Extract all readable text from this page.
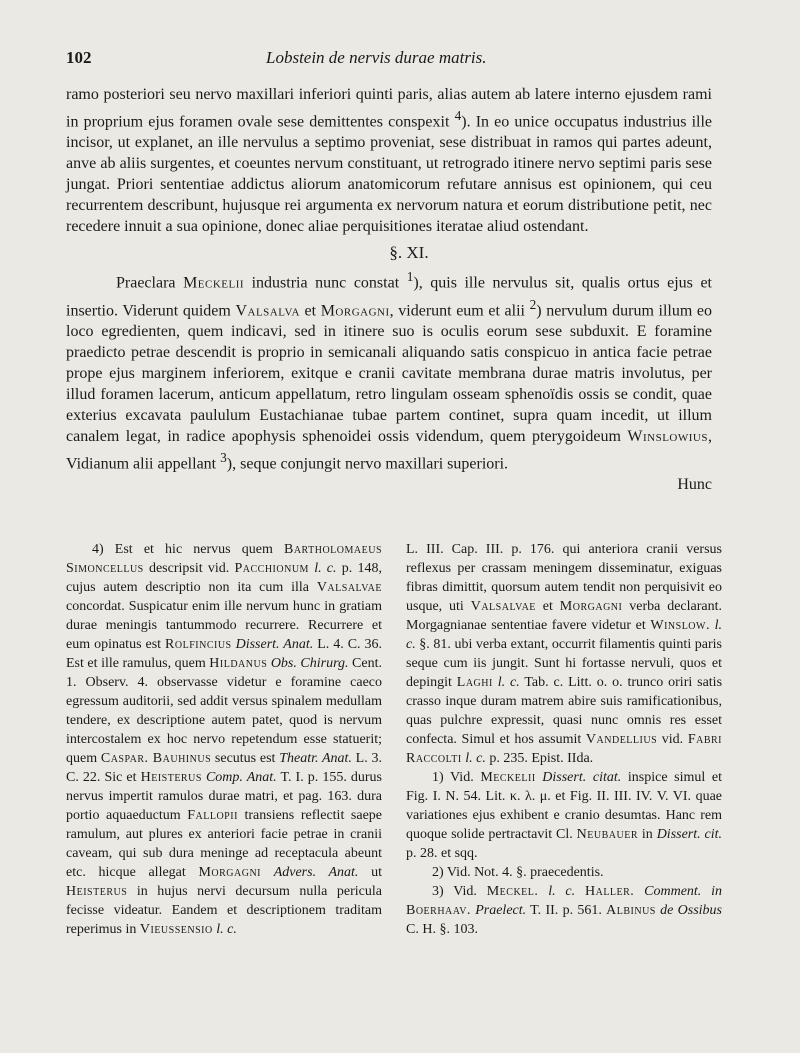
102	Lobstein de nervis durae matris.

ramo posteriori seu nervo maxillari inferiori quinti paris, alias autem ab latere interno ejusdem rami in proprium ejus foramen ovale sese demittentes conspexit $^4$). In eo unice occupatus industrius ille incisor, ut explanet, an ille nervulus a septimo proveniat, sese distribuat in ramos qui partes adeunt, anve ab aliis surgentes, et coeuntes nervum constituant, ut retrogrado itinere nervo septimi paris sese jungat. Priori sententiae addictus aliorum anatomicorum refutare annisus est opinionem, qui ceu recurrentem describunt, hujusque rei argumenta ex nervorum natura et eorum distributione petit, nec recedere innuit a sua opinione, donec aliae perquisitiones iteratae aliud ostendant.

§. XI.

Praeclara Meckelii industria nunc constat $^1$), quis ille nervulus sit, qualis ortus ejus et insertio. Viderunt quidem Valsalva et Morgagni, viderunt eum et alii $^2$) nervulum durum illum eo loco egredienten, quem indicavi, sed in itinere suo is oculis eorum sese subduxit. E foramine praedicto petrae descendit is proprio in semicanali aliquando satis conspicuo in antica facie petrae prope ejus marginem inferiorem, exitque e cranii cavitate membrana durae matris involutus, per illud foramen lacerum, anticum appellatum, retro lingulam osseam sphenoïdis ossis se condit, quae exterius excavata paululum Eustachianae tubae partem continet, supra quam incedit, ut illum canalem legat, in radice apophysis sphenoidei ossis videndum, quem pterygoideum Winslowius, Vidianum alii appellant $^3$), seque conjungit nervo maxillari superiori.

Hunc

4) Est et hic nervus quem Bartholomaeus Simoncellus descripsit vid. Pacchionum l. c. p. 148, cujus autem descriptio non ita cum illa Valsalvae concordat. Suspicatur enim ille nervum hunc in gratiam durae meningis tantummodo recurrere. Recurrere et eum opinatus est Rolfincius Dissert. Anat. L. 4. C. 36. Est et ille ramulus, quem Hildanus Obs. Chirurg. Cent. 1. Observ. 4. observasse videtur e foramine caeco egressum auditorii, sed addit versus spinalem medullam tendere, ex descriptione autem patet, quod is nervum intercostalem ex hoc nervo repetendum esse statuerit; quem Caspar. Bauhinus secutus est Theatr. Anat. L. 3. C. 22. Sic et Heisterus Comp. Anat. T. I. p. 155. durus nervus impertit ramulos durae matri, et pag. 163. dura portio aquaeductum Fallopii transiens reflectit saepe ramulum, aut plures ex anteriori facie petrae in cranii caveam, qui sub dura meninge ad receptacula abeunt etc. hicque allegat Morgagni Advers. Anat. ut Heisterus in hujus nervi decursum nulla pericula fecisse videatur. Eandem et descriptionem traditam reperimus in Vieussensio l. c.

L. III. Cap. III. p. 176. qui anteriora cranii versus reflexus per crassam meningem disseminatur, exiguas fibras dimittit, quorsum autem tendit non perquisivit eo usque, uti Valsalvae et Morgagni verba declarant. Morgagnianae sententiae favere videtur et Winslow. l. c. §. 81. ubi verba extant, occurrit filamentis quinti paris seque cum iis jungit. Sunt hi fortasse nervuli, quos et depingit Laghi l. c. Tab. c. Litt. o. o. trunco oriri satis crasso inque duram matrem abire suis ramificationibus, quas pulchre expressit, quasi nunc omnis res esset confecta. Simul et hos assumit Vandellius vid. Fabri Raccolti l. c. p. 235. Epist. IIda.

1) Vid. Meckelii Dissert. citat. inspice simul et Fig. I. N. 54. Lit. κ. λ. μ. et Fig. II. III. IV. V. VI. quae variationes ejus exhibent e cranio desumtas. Hanc rem quoque solide pertractavit Cl. Neubauer in Dissert. cit. p. 28. et sqq.

2) Vid. Not. 4. §. praecedentis.

3) Vid. Meckel. l. c. Haller. Comment. in Boerhaav. Praelect. T. II. p. 561. Albinus de Ossibus C. H. §. 103.
